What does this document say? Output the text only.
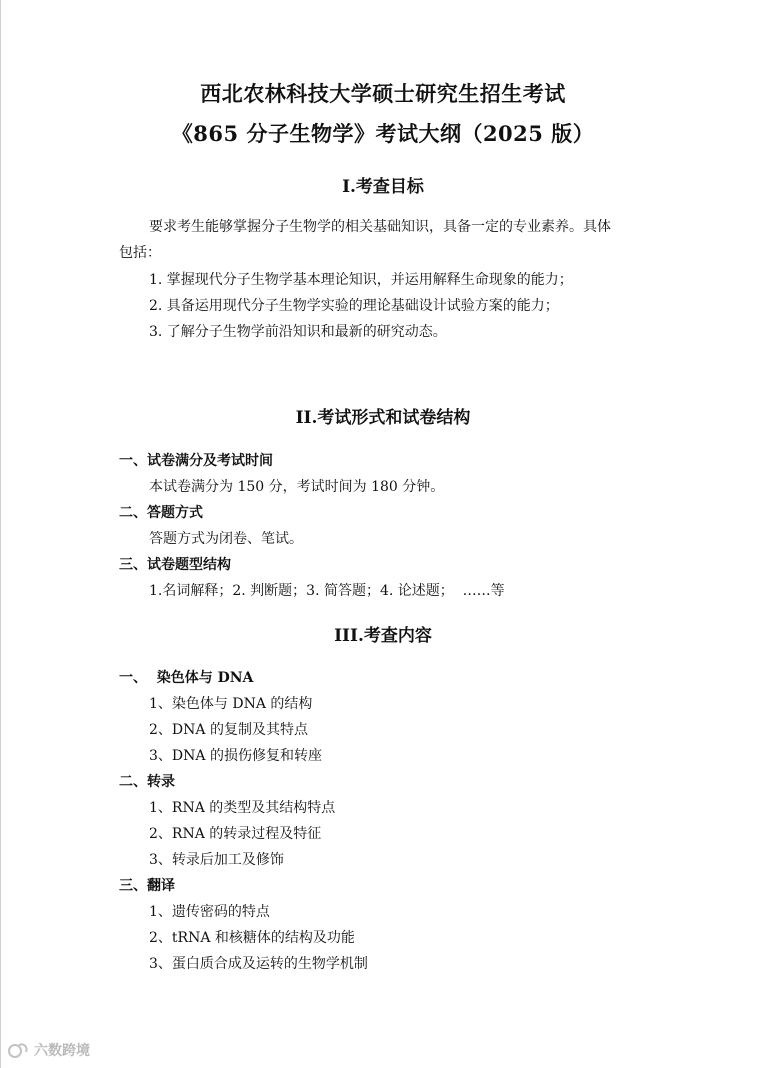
西北农林科技大学硕士研究生招生考试
《865 分子生物学》考试大纲（2025 版）
I.考查目标
要求考生能够掌握分子生物学的相关基础知识，具备一定的专业素养。具体
包括：
1. 掌握现代分子生物学基本理论知识，并运用解释生命现象的能力；
2. 具备运用现代分子生物学实验的理论基础设计试验方案的能力；
3. 了解分子生物学前沿知识和最新的研究动态。
II.考试形式和试卷结构
一、试卷满分及考试时间
本试卷满分为 150 分，考试时间为 180 分钟。
二、答题方式
答题方式为闭卷、笔试。
三、试卷题型结构
1.名词解释；2. 判断题；3. 简答题；4. 论述题；  ……等
III.考查内容
一、  染色体与 DNA
1、染色体与 DNA 的结构
2、DNA 的复制及其特点
3、DNA 的损伤修复和转座
二、转录
1、RNA 的类型及其结构特点
2、RNA 的转录过程及特征
3、转录后加工及修饰
三、翻译
1、遗传密码的特点
2、tRNA 和核糖体的结构及功能
3、蛋白质合成及运转的生物学机制
六数跨境
